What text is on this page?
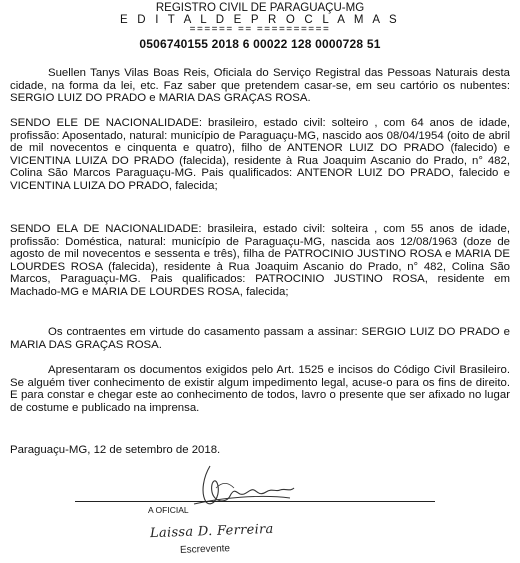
REGISTRO CIVIL DE PARAGUAÇU-MG
E D I T A L D E P R O C L A M A S
====== == ==========
0506740155 2018 6 00022 128 0000728 51
Suellen Tanys Vilas Boas Reis, Oficiala do Serviço Registral das Pessoas Naturais desta cidade, na forma da lei, etc. Faz saber que pretendem casar-se, em seu cartório os nubentes: SERGIO LUIZ DO PRADO e MARIA DAS GRAÇAS ROSA.
SENDO ELE DE NACIONALIDADE: brasileiro, estado civil: solteiro , com 64 anos de idade, profissão: Aposentado, natural: município de Paraguaçu-MG, nascido aos 08/04/1954 (oito de abril de mil novecentos e cinquenta e quatro), filho de ANTENOR LUIZ DO PRADO (falecido) e VICENTINA LUIZA DO PRADO (falecida), residente à Rua Joaquim Ascanio do Prado, n° 482, Colina São Marcos Paraguaçu-MG. Pais qualificados: ANTENOR LUIZ DO PRADO, falecido e VICENTINA LUIZA DO PRADO, falecida;
SENDO ELA DE NACIONALIDADE: brasileira, estado civil: solteira , com 55 anos de idade, profissão: Doméstica, natural: município de Paraguaçu-MG, nascida aos 12/08/1963 (doze de agosto de mil novecentos e sessenta e três), filha de PATROCINIO JUSTINO ROSA e MARIA DE LOURDES ROSA (falecida), residente à Rua Joaquim Ascanio do Prado, n° 482, Colina São Marcos, Paraguaçu-MG. Pais qualificados: PATROCINIO JUSTINO ROSA, residente em Machado-MG e MARIA DE LOURDES ROSA, falecida;
Os contraentes em virtude do casamento passam a assinar: SERGIO LUIZ DO PRADO e MARIA DAS GRAÇAS ROSA.
Apresentaram os documentos exigidos pelo Art. 1525 e incisos do Código Civil Brasileiro. Se alguém tiver conhecimento de existir algum impedimento legal, acuse-o para os fins de direito. E para constar e chegar este ao conhecimento de todos, lavro o presente que ser afixado no lugar de costume e publicado na imprensa.
Paraguaçu-MG, 12 de setembro de 2018.
A OFICIAL
Laissa D. Ferreira
Escrevente
